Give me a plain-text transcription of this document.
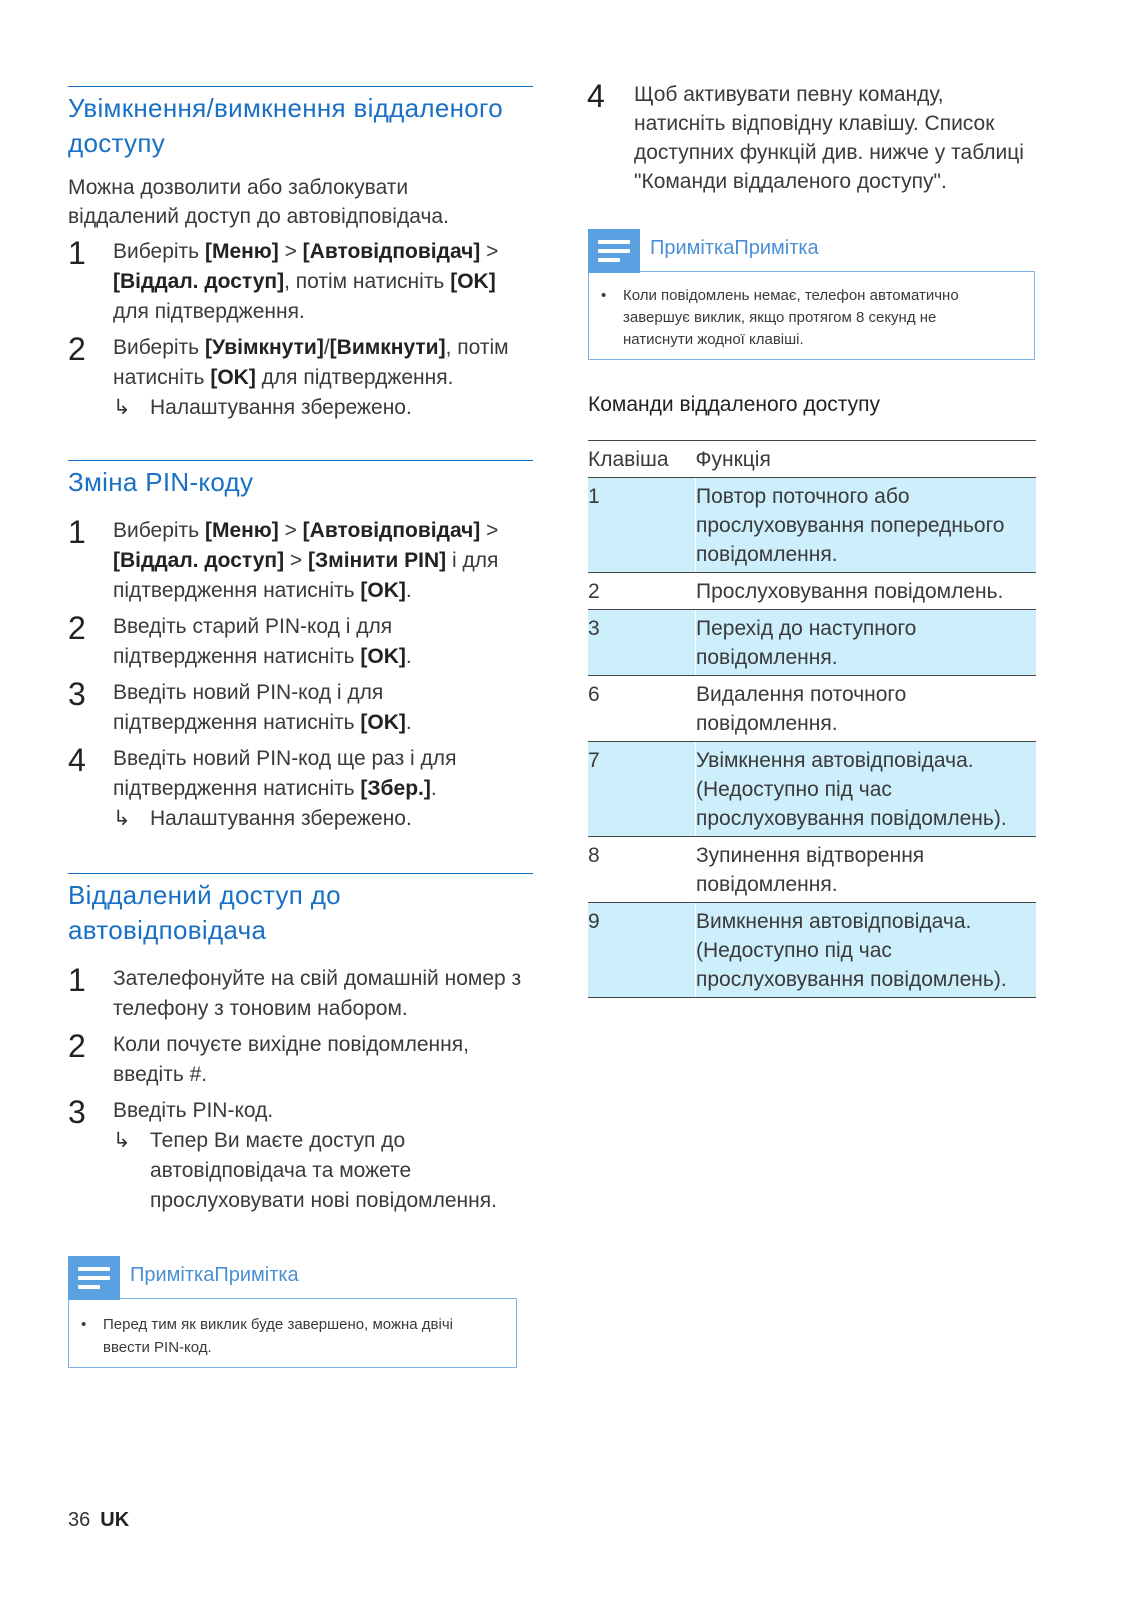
Увімкнення/вимкнення віддаленого
доступу

Можна дозволити або заблокувати
віддалений доступ до автовідповідача.

1 Виберіть [Меню] > [Автовідповідач] >
[Віддал. доступ], потім натисніть [OK]
для підтвердження.
2 Виберіть [Увімкнути]/[Вимкнути], потім
натисніть [OK] для підтвердження.

↳ Налаштування збережено.
Зміна PIN-коду
1 Виберіть [Меню] > [Автовідповідач] >
[Віддал. доступ] > [Змінити PIN] і для
підтвердження натисніть [OK].
2 Введіть старий PIN-код і для
підтвердження натисніть [OK].
3 Введіть новий PIN-код і для
підтвердження натисніть [OK].
4 Введіть новий PIN-код ще раз і для
підтвердження натисніть [Збер.].

↳ Налаштування збережено.
Віддалений доступ до
автовідповідача
1 Зателефонуйте на свій домашній номер з
телефону з тоновим набором.
2 Коли почуєте вихідне повідомлення,
введіть #.
3 Введіть PIN-код.

↳ Тепер Ви маєте доступ до
автовідповідача та можете
прослуховувати нові повідомлення.
ПриміткаПримітка
• Перед тим як виклик буде завершено, можна двічі
ввести PIN-код.
4 Щоб активувати певну команду,
натисніть відповідну клавішу. Список
доступних функцій див. нижче у таблиці
"Команди віддаленого доступу".
ПриміткаПримітка
• Коли повідомлень немає, телефон автоматично
завершує виклик, якщо протягом 8 секунд не
натиснути жодної клавіші.
Команди віддаленого доступу
Клавіша	Функція
1	Повтор поточного або
прослуховування попереднього
повідомлення.
2	Прослуховування повідомлень.
3	Перехід до наступного
повідомлення.
6	Видалення поточного
повідомлення.
7	Увімкнення автовідповідача.
(Недоступно під час
прослуховування повідомлень).
8	Зупинення відтворення
повідомлення.
9	Вимкнення автовідповідача.
(Недоступно під час
прослуховування повідомлень).
36 UK
